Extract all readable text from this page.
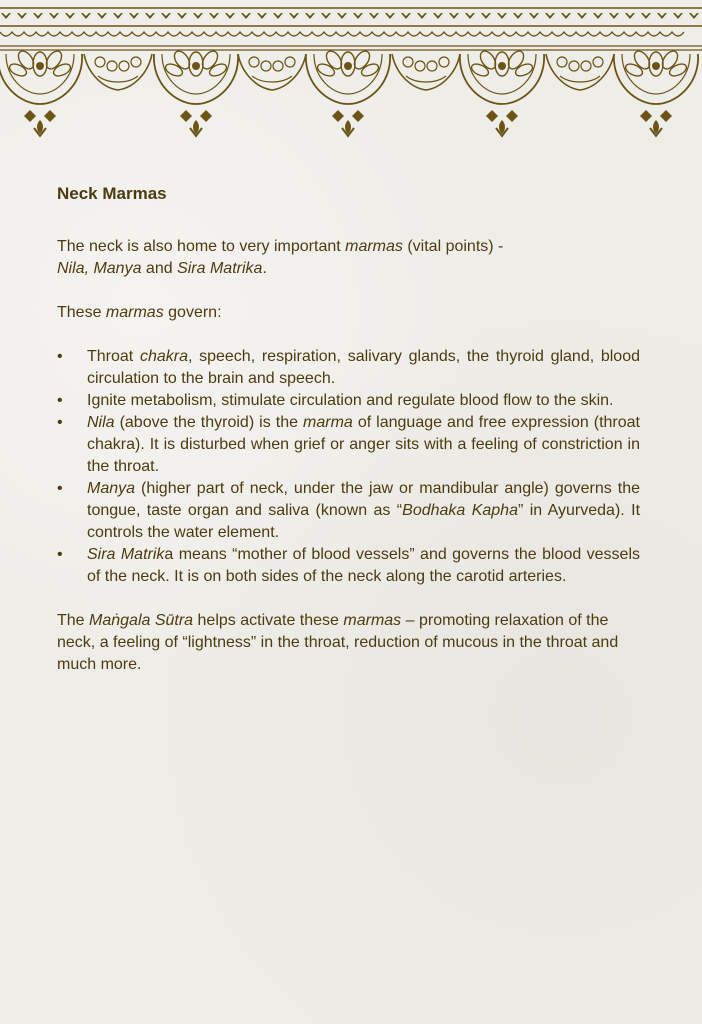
Neck Marmas

The neck is also home to very important marmas (vital points) -
Nila, Manya and Sira Matrika.

These marmas govern:

• Throat chakra, speech, respiration, salivary glands, the thyroid gland, blood circulation to the brain and speech.
• Ignite metabolism, stimulate circulation and regulate blood flow to the skin.
• Nila (above the thyroid) is the marma of language and free expression (throat chakra). It is disturbed when grief or anger sits with a feeling of constriction in the throat.
• Manya (higher part of neck, under the jaw or mandibular angle) governs the tongue, taste organ and saliva (known as “Bodhaka Kapha” in Ayurveda). It controls the water element.
• Sira Matrika means “mother of blood vessels” and governs the blood vessels of the neck. It is on both sides of the neck along the carotid arteries.

The Maṅgala Sūtra helps activate these marmas – promoting relaxation of the neck, a feeling of “lightness” in the throat, reduction of mucous in the throat and much more.
